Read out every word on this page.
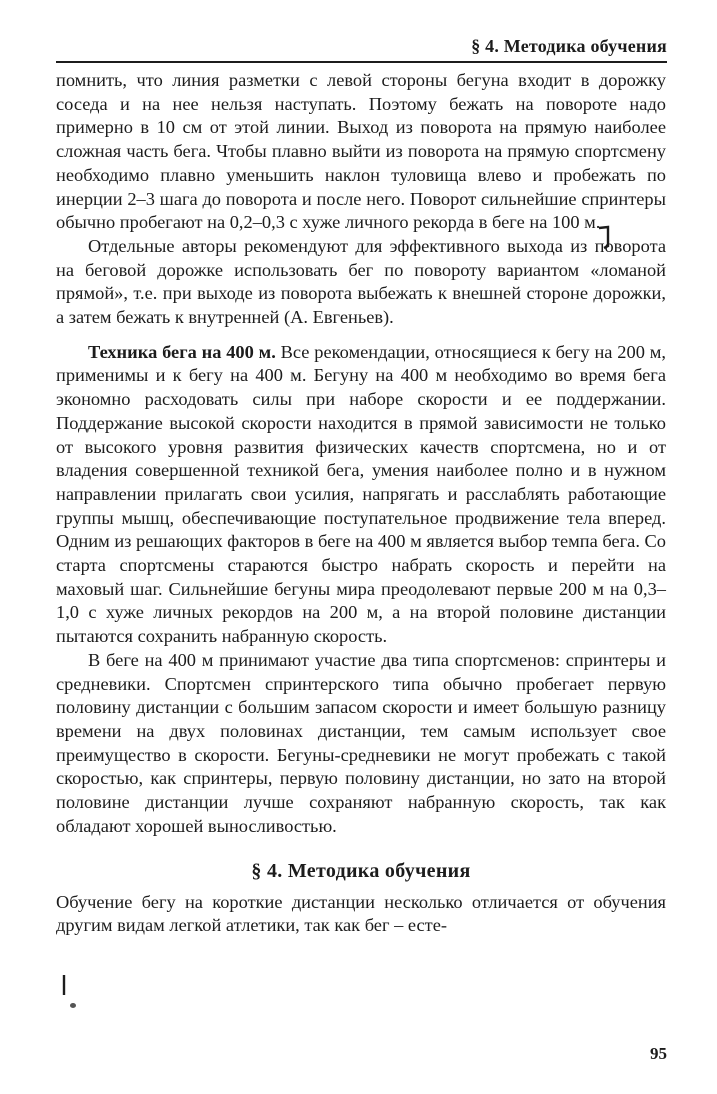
§ 4. Методика обучения

помнить, что линия разметки с левой стороны бегуна входит в дорожку соседа и на нее нельзя наступать. Поэтому бежать на повороте надо примерно в 10 см от этой линии. Выход из поворота на прямую наиболее сложная часть бега. Чтобы плавно выйти из поворота на прямую спортсмену необходимо плавно уменьшить наклон туловища влево и пробежать по инерции 2–3 шага до поворота и после него. Поворот сильнейшие спринтеры обычно пробегают на 0,2–0,3 с хуже личного рекорда в беге на 100 м.

Отдельные авторы рекомендуют для эффективного выхода из поворота на беговой дорожке использовать бег по повороту вариантом «ломаной прямой», т.е. при выходе из поворота выбежать к внешней стороне дорожки, а затем бежать к внутренней (А. Евгеньев).

Техника бега на 400 м. Все рекомендации, относящиеся к бегу на 200 м, применимы и к бегу на 400 м. Бегуну на 400 м необходимо во время бега экономно расходовать силы при наборе скорости и ее поддержании. Поддержание высокой скорости находится в прямой зависимости не только от высокого уровня развития физических качеств спортсмена, но и от владения совершенной техникой бега, умения наиболее полно и в нужном направлении прилагать свои усилия, напрягать и расслаблять работающие группы мышц, обеспечивающие поступательное продвижение тела вперед. Одним из решающих факторов в беге на 400 м является выбор темпа бега. Со старта спортсмены стараются быстро набрать скорость и перейти на маховый шаг. Сильнейшие бегуны мира преодолевают первые 200 м на 0,3–1,0 с хуже личных рекордов на 200 м, а на второй половине дистанции пытаются сохранить набранную скорость.

В беге на 400 м принимают участие два типа спортсменов: спринтеры и средневики. Спортсмен спринтерского типа обычно пробегает первую половину дистанции с большим запасом скорости и имеет большую разницу времени на двух половинах дистанции, тем самым использует свое преимущество в скорости. Бегуны-средневики не могут пробежать с такой скоростью, как спринтеры, первую половину дистанции, но зато на второй половине дистанции лучше сохраняют набранную скорость, так как обладают хорошей выносливостью.

§ 4. Методика обучения

Обучение бегу на короткие дистанции несколько отличается от обучения другим видам легкой атлетики, так как бег – есте-

95
